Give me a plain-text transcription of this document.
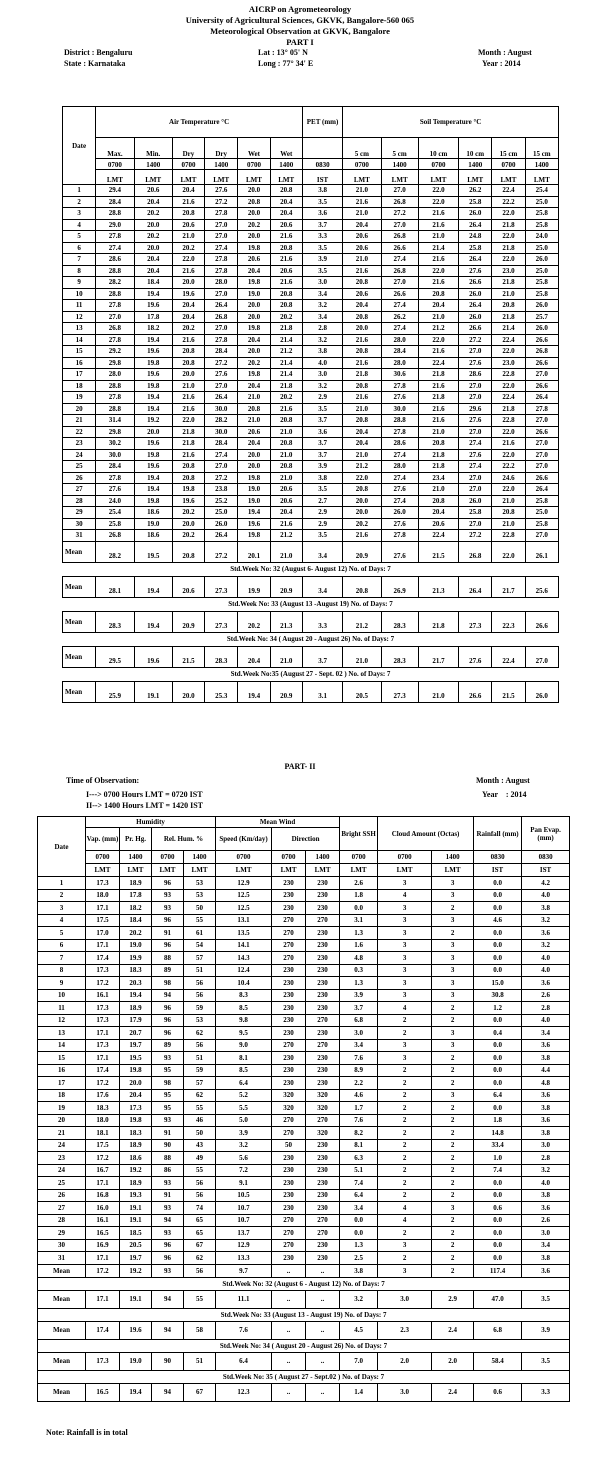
AICRP on Agrometeorology
University of Agricultural Sciences, GKVK, Bangalore-560 065
Meteorological Observation at GKVK, Bangalore
PART I
District : Bengaluru	Lat : 13° 05' N	Month : August
State : Karnataka	Long : 77° 34' E	Year : 2014
Date	Air Temperature °C						PET (mm)	Soil Temperature °C					
	Max.	Min.	Dry	Dry	Wet	Wet		5 cm	5 cm	10 cm	10 cm	15 cm	15 cm
	0700	1400	0700	1400	0700	1400	0830	0700	1400	0700	1400	0700	1400
	LMT	LMT	LMT	LMT	LMT	LMT	IST	LMT	LMT	LMT	LMT	LMT	LMT
1	29.4	20.6	20.4	27.6	20.0	20.8	3.8	21.0	27.0	22.0	26.2	22.4	25.4
2	28.4	20.4	21.6	27.2	20.8	20.4	3.5	21.6	26.8	22.0	25.8	22.2	25.0
3	28.8	20.2	20.8	27.8	20.0	20.4	3.6	21.0	27.2	21.6	26.0	22.0	25.8
4	29.0	20.0	20.6	27.0	20.2	20.6	3.7	20.4	27.0	21.6	26.4	21.8	25.8
5	27.8	20.2	21.0	27.0	20.0	21.6	3.3	20.6	26.8	21.0	24.8	22.0	24.0
6	27.4	20.0	20.2	27.4	19.8	20.8	3.5	20.6	26.6	21.4	25.8	21.8	25.0
7	28.6	20.4	22.0	27.8	20.6	21.6	3.9	21.0	27.4	21.6	26.4	22.0	26.0
8	28.8	20.4	21.6	27.8	20.4	20.6	3.5	21.6	26.8	22.0	27.6	23.0	25.0
9	28.2	18.4	20.0	28.0	19.8	21.6	3.0	20.8	27.0	21.6	26.6	21.8	25.8
10	28.8	19.4	19.6	27.0	19.0	20.8	3.4	20.6	26.6	20.8	26.0	21.0	25.8
11	27.8	19.6	20.4	26.4	20.0	20.8	3.2	20.4	27.4	20.4	26.4	20.8	26.0
12	27.0	17.8	20.4	26.8	20.0	20.2	3.4	20.8	26.2	21.0	26.0	21.8	25.7
13	26.8	18.2	20.2	27.0	19.8	21.8	2.8	20.0	27.4	21.2	26.6	21.4	26.0
14	27.8	19.4	21.6	27.8	20.4	21.4	3.2	21.6	28.0	22.0	27.2	22.4	26.6
15	29.2	19.6	20.8	28.4	20.0	21.2	3.8	20.8	28.4	21.6	27.0	22.0	26.8
16	29.8	19.8	20.8	27.2	20.2	21.4	4.0	21.6	28.0	22.4	27.6	23.0	26.6
17	28.0	19.6	20.0	27.6	19.8	21.4	3.0	21.8	30.6	21.8	28.6	22.8	27.0
18	28.8	19.8	21.0	27.0	20.4	21.8	3.2	20.8	27.8	21.6	27.0	22.0	26.6
19	27.8	19.4	21.6	26.4	21.0	20.2	2.9	21.6	27.6	21.8	27.0	22.4	26.4
20	28.8	19.4	21.6	30.0	20.8	21.6	3.5	21.0	30.0	21.6	29.6	21.8	27.8
21	31.4	19.2	22.0	28.2	21.0	20.8	3.7	20.8	28.8	21.6	27.6	22.8	27.0
22	29.8	20.0	21.8	30.0	20.6	21.0	3.6	20.4	27.8	21.0	27.0	22.0	26.6
23	30.2	19.6	21.8	28.4	20.4	20.8	3.7	20.4	28.6	20.8	27.4	21.6	27.0
24	30.0	19.8	21.6	27.4	20.0	21.0	3.7	21.0	27.4	21.8	27.6	22.0	27.0
25	28.4	19.6	20.8	27.0	20.0	20.8	3.9	21.2	28.0	21.8	27.4	22.2	27.0
26	27.8	19.4	20.8	27.2	19.8	21.0	3.8	22.0	27.4	23.4	27.0	24.6	26.6
27	27.6	19.4	19.8	23.8	19.0	20.6	3.5	20.8	27.6	21.0	27.0	22.0	26.4
28	24.0	19.8	19.6	25.2	19.0	20.6	2.7	20.0	27.4	20.8	26.0	21.0	25.8
29	25.4	18.6	20.2	25.0	19.4	20.4	2.9	20.0	26.0	20.4	25.8	20.8	25.0
30	25.8	19.0	20.0	26.0	19.6	21.6	2.9	20.2	27.6	20.6	27.0	21.0	25.8
31	26.8	18.6	20.2	26.4	19.8	21.2	3.5	21.6	27.8	22.4	27.2	22.8	27.0
Mean	28.2	19.5	20.8	27.2	20.1	21.0	3.4	20.9	27.6	21.5	26.8	22.0	26.1
Std.Week No: 32 (August 6- August 12) No. of Days: 7													
Mean	28.1	19.4	20.6	27.3	19.9	20.9	3.4	20.8	26.9	21.3	26.4	21.7	25.6
Std.Week No: 33 (August 13 -August 19) No. of Days: 7													
Mean	28.3	19.4	20.9	27.3	20.2	21.3	3.3	21.2	28.3	21.8	27.3	22.3	26.6
Std.Week No: 34 ( August 20 - August 26) No. of Days: 7													
Mean	29.5	19.6	21.5	28.3	20.4	21.0	3.7	21.0	28.3	21.7	27.6	22.4	27.0
Std.Week No:35 (August 27 - Sept. 02 ) No. of Days: 7													
Mean	25.9	19.1	20.0	25.3	19.4	20.9	3.1	20.5	27.3	21.0	26.6	21.5	26.0
PART- II
Time of Observation:
I---> 0700 Hours LMT = 0720 IST
II--> 1400 Hours LMT = 1420 IST
Month : August
Year    : 2014
Date	Humidity				Mean Wind			Bright SSH	Cloud Amount (Octas)		Rainfall (mm)	Pan Evap. (mm)
	Vap. (mm)	Pr. Hg.	Rel. Hum. %		Speed (Km/day)	Direction						
	0700	1400	0700	1400	0700	0700	1400	0700	0700	1400	0830	0830
	LMT	LMT	LMT	LMT	LMT	LMT	LMT	LMT	LMT	LMT	IST	IST
1	17.3	18.9	96	53	12.9	230	230	2.6	3	3	0.0	4.2
2	18.0	17.8	93	53	12.5	230	230	1.8	4	3	0.0	4.0
3	17.1	18.2	93	50	12.5	230	230	0.0	3	2	0.0	3.8
4	17.5	18.4	96	55	13.1	270	270	3.1	3	3	4.6	3.2
5	17.0	20.2	91	61	13.5	270	230	1.3	3	2	0.0	3.6
6	17.1	19.0	96	54	14.1	270	230	1.6	3	3	0.0	3.2
7	17.4	19.9	88	57	14.3	270	230	4.8	3	3	0.0	4.0
8	17.3	18.3	89	51	12.4	230	230	0.3	3	3	0.0	4.0
9	17.2	20.3	98	56	10.4	230	230	1.3	3	3	15.0	3.6
10	16.1	19.4	94	56	8.3	230	230	3.9	3	3	30.8	2.6
11	17.3	18.9	96	59	8.5	230	230	3.7	4	2	1.2	2.8
12	17.3	17.9	96	53	9.8	230	270	6.8	2	2	0.0	4.0
13	17.1	20.7	96	62	9.5	230	230	3.0	2	3	0.4	3.4
14	17.3	19.7	89	56	9.0	270	270	3.4	3	3	0.0	3.6
15	17.1	19.5	93	51	8.1	230	230	7.6	3	2	0.0	3.8
16	17.4	19.8	95	59	8.5	230	230	8.9	2	2	0.0	4.4
17	17.2	20.0	98	57	6.4	230	230	2.2	2	2	0.0	4.8
18	17.6	20.4	95	62	5.2	320	320	4.6	2	3	6.4	3.6
19	18.3	17.3	95	55	5.5	320	320	1.7	2	2	0.0	3.8
20	18.0	19.8	93	46	5.0	270	270	7.6	2	2	1.8	3.6
21	18.1	18.3	91	50	3.9	270	320	8.2	2	2	14.8	3.8
24	17.5	18.9	90	43	3.2	50	230	8.1	2	2	33.4	3.0
23	17.2	18.6	88	49	5.6	230	230	6.3	2	2	1.0	2.8
24	16.7	19.2	86	55	7.2	230	230	5.1	2	2	7.4	3.2
25	17.1	18.9	93	56	9.1	230	230	7.4	2	2	0.0	4.0
26	16.8	19.3	91	56	10.5	230	230	6.4	2	2	0.0	3.8
27	16.0	19.1	93	74	10.7	230	230	3.4	4	3	0.6	3.6
28	16.1	19.1	94	65	10.7	270	270	0.0	4	2	0.0	2.6
29	16.5	18.5	93	65	13.7	270	270	0.0	2	2	0.0	3.0
30	16.9	20.5	96	67	12.9	270	230	1.3	3	2	0.0	3.4
31	17.1	19.7	96	62	13.3	230	230	2.5	2	2	0.0	3.8
Mean	17.2	19.2	93	56	9.7	..	..	3.8	3	2	117.4	3.6
Std.Week No: 32 (August 6 - August 12) No. of Days: 7												
Mean	17.1	19.1	94	55	11.1	..	..	3.2	3.0	2.9	47.0	3.5
Std.Week No: 33 (August 13 - August 19) No. of Days: 7												
Mean	17.4	19.6	94	58	7.6	..	..	4.5	2.3	2.4	6.8	3.9
Std.Week No: 34 ( August 20 - August 26) No. of Days: 7												
Mean	17.3	19.0	90	51	6.4	..	..	7.0	2.0	2.0	58.4	3.5
Std.Week No: 35 ( August 27 - Sept.02 ) No. of Days: 7												
Mean	16.5	19.4	94	67	12.3	..	..	1.4	3.0	2.4	0.6	3.3
Note: Rainfall is in total
